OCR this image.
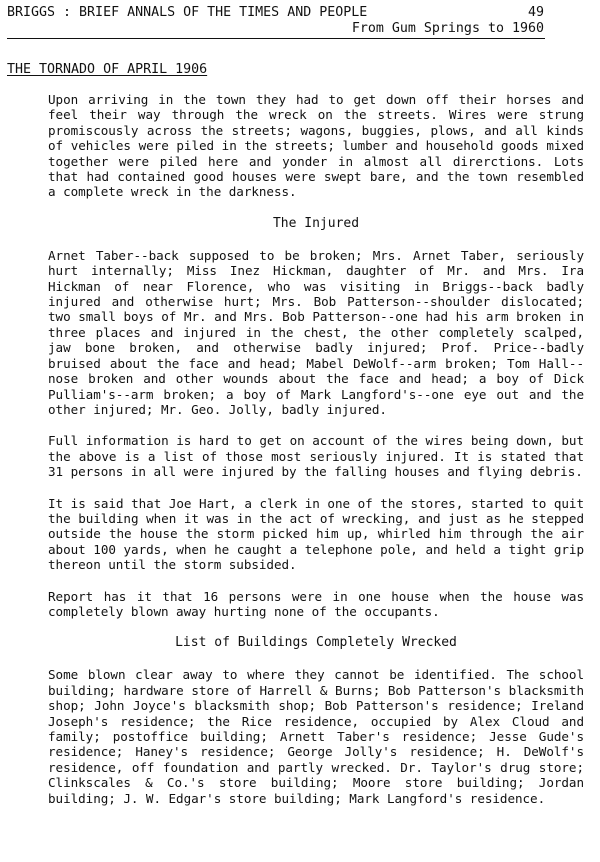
BRIGGS : BRIEF ANNALS OF THE TIMES AND PEOPLE	49
From Gum Springs to 1960
THE TORNADO OF APRIL 1906

Upon arriving in the town they had to get down off their horses and feel their way through the wreck on the streets. Wires were strung promiscously across the streets; wagons, buggies, plows, and all kinds of vehicles were piled in the streets; lumber and household goods mixed together were piled here and yonder in almost all direrctions. Lots that had contained good houses were swept bare, and the town resembled a complete wreck in the darkness.

The Injured

Arnet Taber--back supposed to be broken; Mrs. Arnet Taber, seriously hurt internally; Miss Inez Hickman, daughter of Mr. and Mrs. Ira Hickman of near Florence, who was visiting in Briggs--back badly injured and otherwise hurt; Mrs. Bob Patterson--shoulder dislocated; two small boys of Mr. and Mrs. Bob Patterson--one had his arm broken in three places and injured in the chest, the other completely scalped, jaw bone broken, and otherwise badly injured; Prof. Price--badly bruised about the face and head; Mabel DeWolf--arm broken; Tom Hall--nose broken and other wounds about the face and head; a boy of Dick Pulliam's--arm broken; a boy of Mark Langford's--one eye out and the other injured; Mr. Geo. Jolly, badly injured.

Full information is hard to get on account of the wires being down, but the above is a list of those most seriously injured. It is stated that 31 persons in all were injured by the falling houses and flying debris.

It is said that Joe Hart, a clerk in one of the stores, started to quit the building when it was in the act of wrecking, and just as he stepped outside the house the storm picked him up, whirled him through the air about 100 yards, when he caught a telephone pole, and held a tight grip thereon until the storm subsided.

Report has it that 16 persons were in one house when the house was completely blown away hurting none of the occupants.

List of Buildings Completely Wrecked

Some blown clear away to where they cannot be identified. The school building; hardware store of Harrell & Burns; Bob Patterson's blacksmith shop; John Joyce's blacksmith shop; Bob Patterson's residence; Ireland Joseph's residence; the Rice residence, occupied by Alex Cloud and family; postoffice building; Arnett Taber's residence; Jesse Gude's residence; Haney's residence; George Jolly's residence; H. DeWolf's residence, off foundation and partly wrecked. Dr. Taylor's drug store; Clinkscales & Co.'s store building; Moore store building; Jordan building; J. W. Edgar's store building; Mark Langford's residence.
